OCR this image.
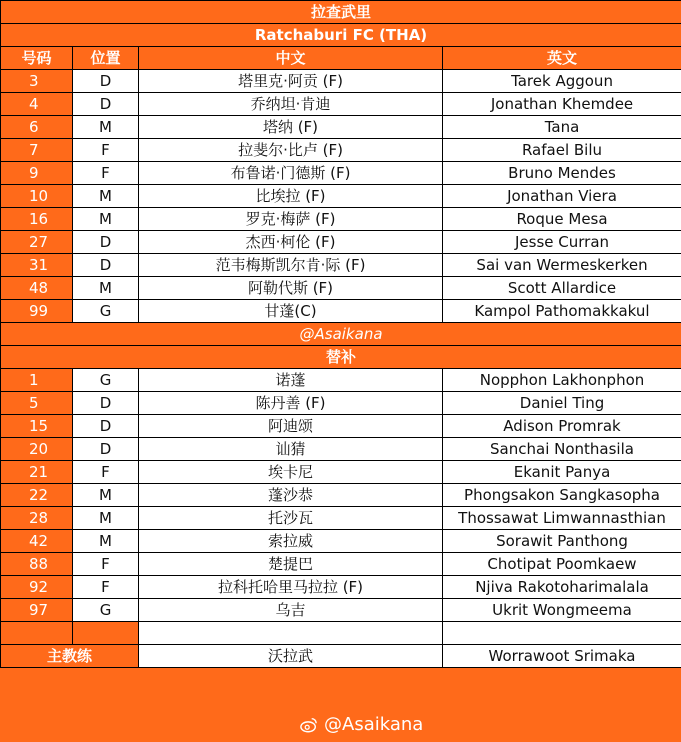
拉查武里			
Ratchaburi FC (THA)			
号码	位置	中文	英文
3	D	塔里克·阿贡 (F)	Tarek Aggoun
4	D	乔纳坦·肯迪	Jonathan Khemdee
6	M	塔纳 (F)	Tana
7	F	拉斐尔·比卢 (F)	Rafael Bilu
9	F	布鲁诺·门德斯 (F)	Bruno Mendes
10	M	比埃拉 (F)	Jonathan Viera
16	M	罗克·梅萨 (F)	Roque Mesa
27	D	杰西·柯伦 (F)	Jesse Curran
31	D	范韦梅斯凯尔肯·际 (F)	Sai van Wermeskerken
48	M	阿勒代斯 (F)	Scott Allardice
99	G	甘蓬(C)	Kampol Pathomakkakul
@Asaikana			
替补			
1	G	诺蓬	Nopphon Lakhonphon
5	D	陈丹善 (F)	Daniel Ting
15	D	阿迪颂	Adison Promrak
20	D	讪猜	Sanchai Nonthasila
21	F	埃卡尼	Ekanit Panya
22	M	蓬沙恭	Phongsakon Sangkasopha
28	M	托沙瓦	Thossawat Limwannasthian
42	M	索拉威	Sorawit Panthong
88	F	楚提巴	Chotipat Poomkaew
92	F	拉科托哈里马拉拉 (F)	Njiva Rakotoharimalala
97	G	乌吉	Ukrit Wongmeema

主教练		沃拉武	Worrawoot Srimaka
@Asaikana
